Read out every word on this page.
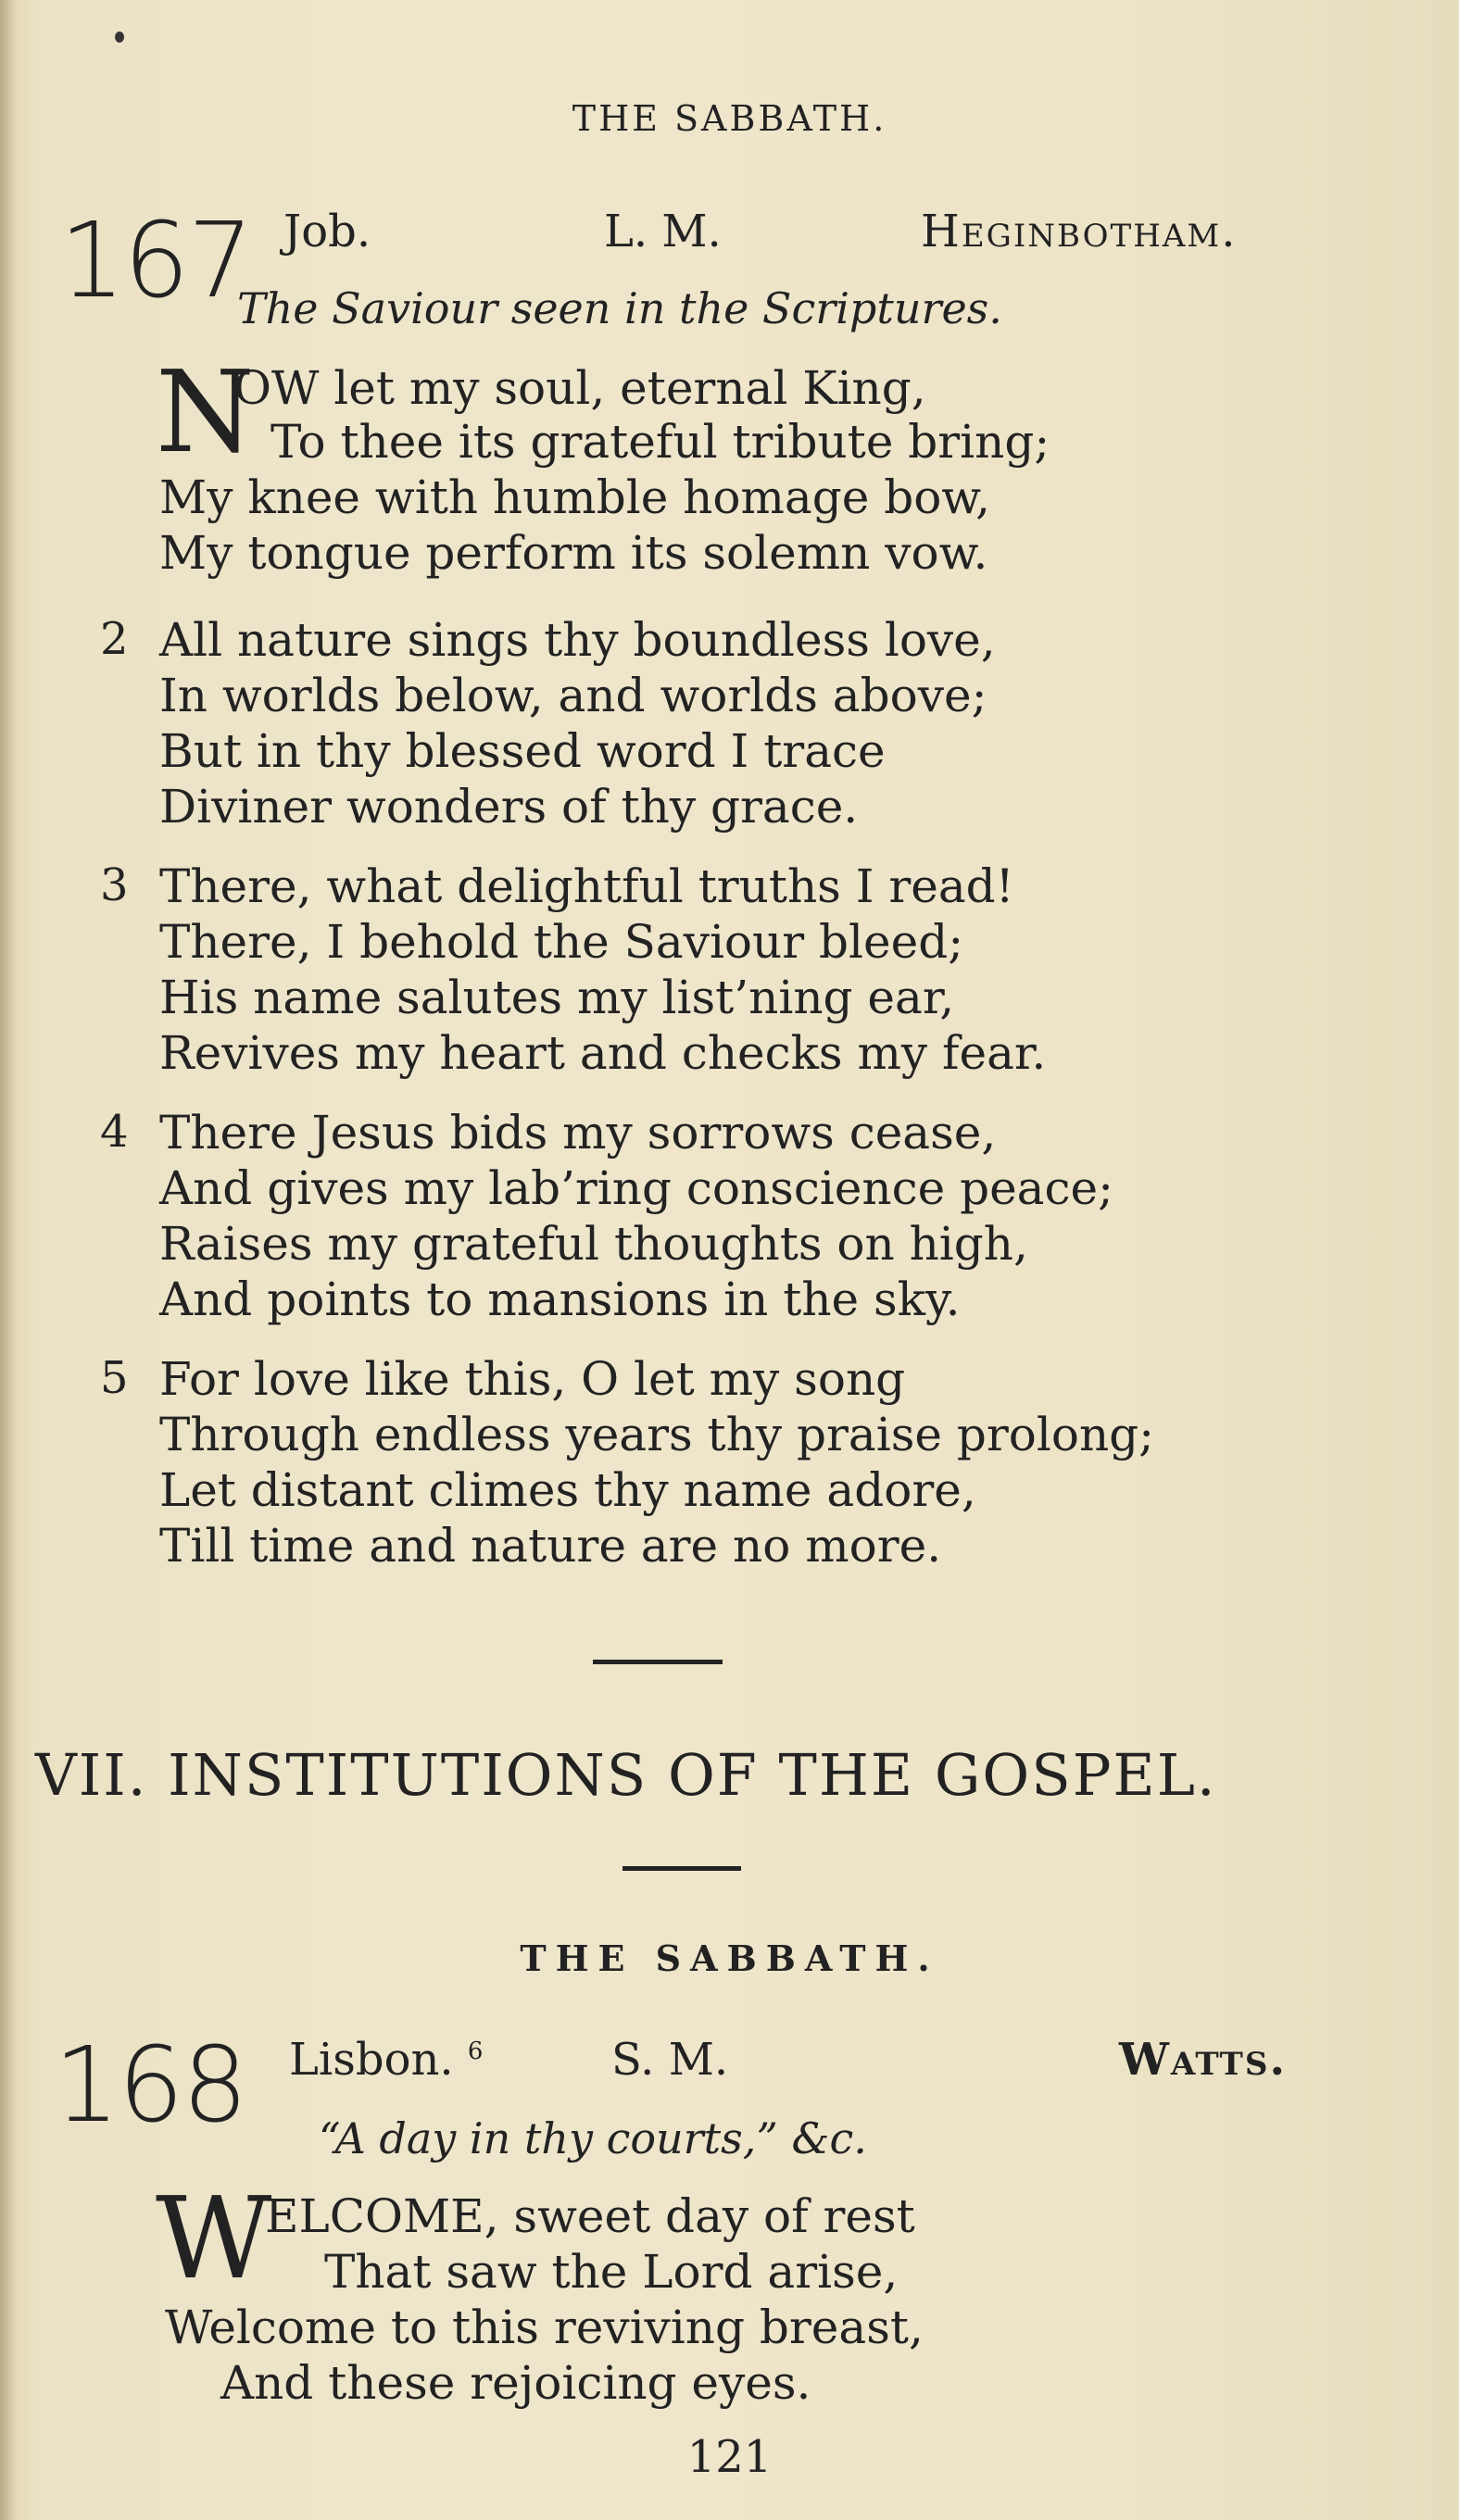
THE SABBATH.
167 Job.	L. M.	Heginbotham.
The Saviour seen in the Scriptures.
N
OW let my soul, eternal King,
To thee its grateful tribute bring;
My knee with humble homage bow,
My tongue perform its solemn vow.
2 All nature sings thy boundless love,
In worlds below, and worlds above;
But in thy blessed word I trace
Diviner wonders of thy grace.
3 There, what delightful truths I read!
There, I behold the Saviour bleed;
His name salutes my list’ning ear,
Revives my heart and checks my fear.
4 There Jesus bids my sorrows cease,
And gives my lab’ring conscience peace;
Raises my grateful thoughts on high,
And points to mansions in the sky.
5 For love like this, O let my song
Through endless years thy praise prolong;
Let distant climes thy name adore,
Till time and nature are no more.
VII. INSTITUTIONS OF THE GOSPEL.
THE SABBATH.
168 Lisbon. $^6$	S. M.	Watts.
“A day in thy courts,” &c.
W
ELCOME, sweet day of rest
That saw the Lord arise,
Welcome to this reviving breast,
And these rejoicing eyes.
121
